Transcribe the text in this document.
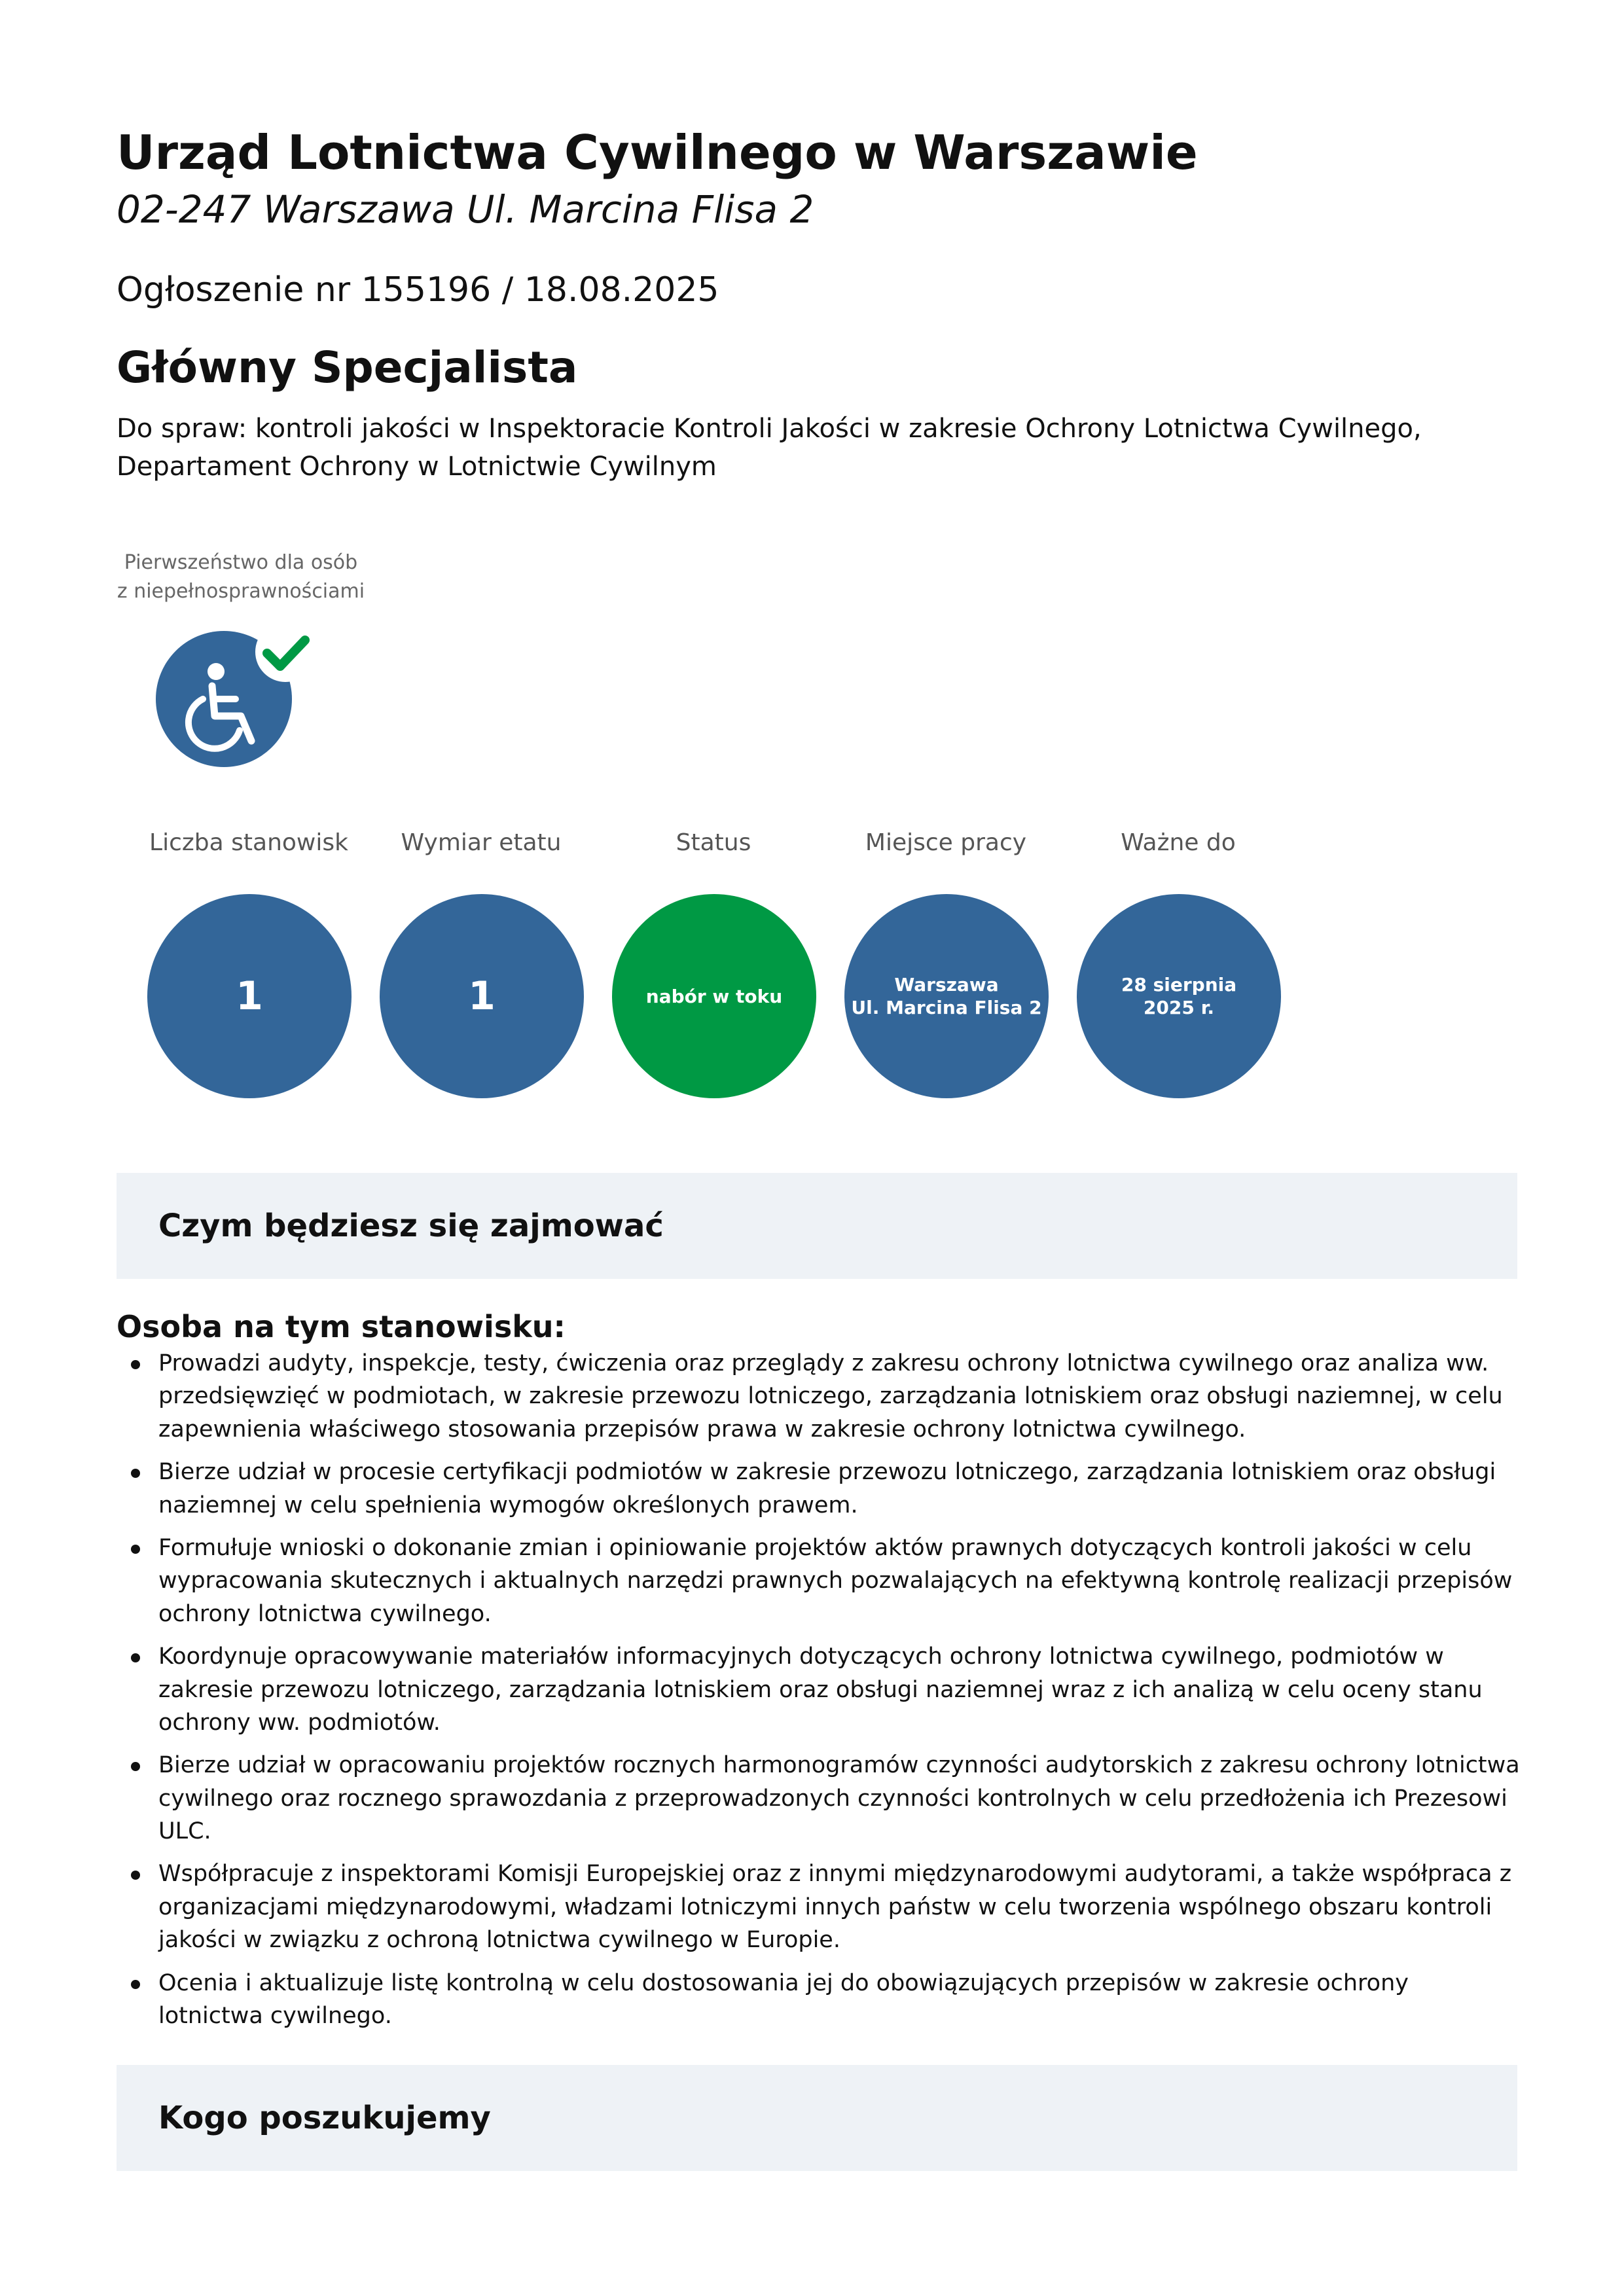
Urząd Lotnictwa Cywilnego w Warszawie
02-247 Warszawa Ul. Marcina Flisa 2
Ogłoszenie nr 155196 / 18.08.2025
Główny Specjalista
Do spraw: kontroli jakości w Inspektoracie Kontroli Jakości w zakresie Ochrony Lotnictwa Cywilnego, Departament Ochrony w Lotnictwie Cywilnym
Pierwszeństwo dla osób z niepełnosprawnościami
Liczba stanowisk
1
Wymiar etatu
1
Status
nabór w toku
Miejsce pracy
Warszawa
Ul. Marcina Flisa 2
Ważne do
28 sierpnia
2025 r.
Czym będziesz się zajmować
Osoba na tym stanowisku:
Prowadzi audyty, inspekcje, testy, ćwiczenia oraz przeglądy z zakresu ochrony lotnictwa cywilnego oraz analiza ww. przedsięwzięć w podmiotach, w zakresie przewozu lotniczego, zarządzania lotniskiem oraz obsługi naziemnej, w celu zapewnienia właściwego stosowania przepisów prawa w zakresie ochrony lotnictwa cywilnego.
Bierze udział w procesie certyfikacji podmiotów w zakresie przewozu lotniczego, zarządzania lotniskiem oraz obsługi naziemnej w celu spełnienia wymogów określonych prawem.
Formułuje wnioski o dokonanie zmian i opiniowanie projektów aktów prawnych dotyczących kontroli jakości w celu wypracowania skutecznych i aktualnych narzędzi prawnych pozwalających na efektywną kontrolę realizacji przepisów ochrony lotnictwa cywilnego.
Koordynuje opracowywanie materiałów informacyjnych dotyczących ochrony lotnictwa cywilnego, podmiotów w zakresie przewozu lotniczego, zarządzania lotniskiem oraz obsługi naziemnej wraz z ich analizą w celu oceny stanu ochrony ww. podmiotów.
Bierze udział w opracowaniu projektów rocznych harmonogramów czynności audytorskich z zakresu ochrony lotnictwa cywilnego oraz rocznego sprawozdania z przeprowadzonych czynności kontrolnych w celu przedłożenia ich Prezesowi ULC.
Współpracuje z inspektorami Komisji Europejskiej oraz z innymi międzynarodowymi audytorami, a także współpraca z organizacjami międzynarodowymi, władzami lotniczymi innych państw w celu tworzenia wspólnego obszaru kontroli jakości w związku z ochroną lotnictwa cywilnego w Europie.
Ocenia i aktualizuje listę kontrolną w celu dostosowania jej do obowiązujących przepisów w zakresie ochrony lotnictwa cywilnego.
Kogo poszukujemy
